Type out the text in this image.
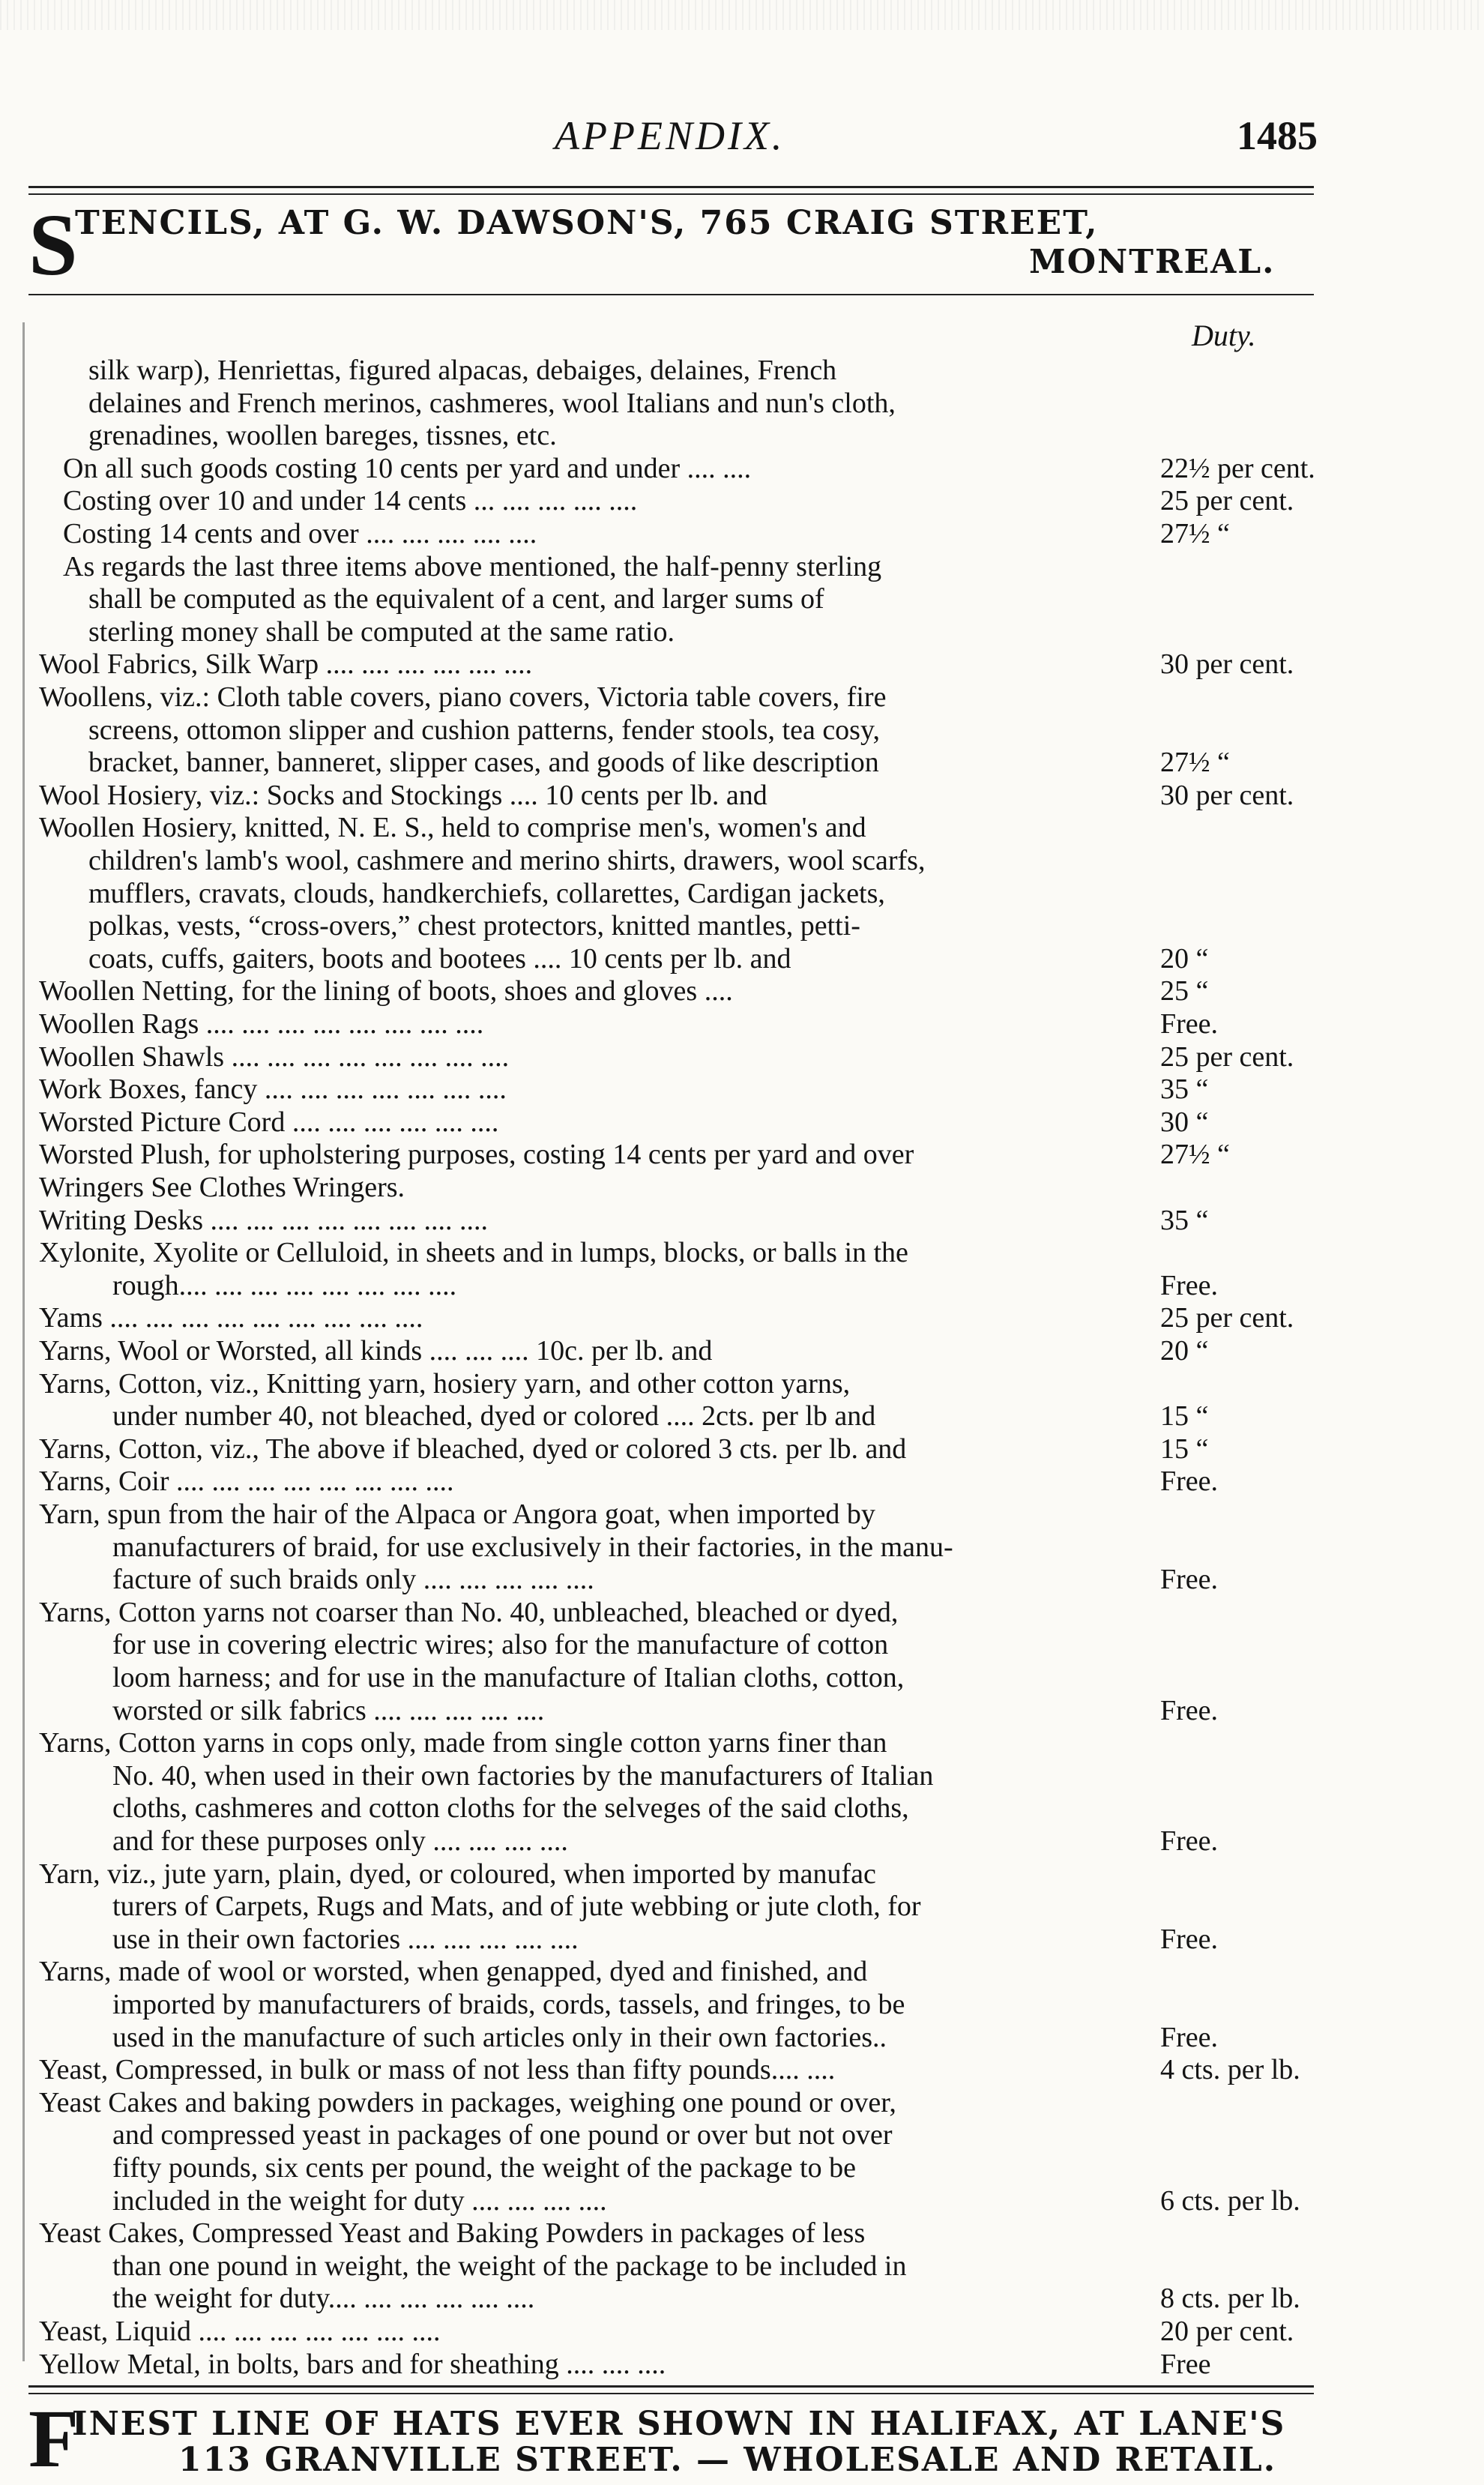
APPENDIX.	1485
S
TENCILS, AT G. W. DAWSON'S, 765 CRAIG STREET,
MONTREAL.
Duty.
silk warp), Henriettas, figured alpacas, debaiges, delaines, French
delaines and French merinos, cashmeres, wool Italians and nun's cloth,
grenadines, woollen bareges, tissnes, etc.
On all such goods costing 10 cents per yard and under .... ....	22½ per cent.
Costing over 10 and under 14 cents ... .... .... .... ....	25 per cent.
Costing 14 cents and over .... .... .... .... ....	27½ “
As regards the last three items above mentioned, the half-penny sterling
shall be computed as the equivalent of a cent, and larger sums of
sterling money shall be computed at the same ratio.
Wool Fabrics, Silk Warp .... .... .... .... .... ....	30 per cent.
Woollens, viz.: Cloth table covers, piano covers, Victoria table covers, fire
screens, ottomon slipper and cushion patterns, fender stools, tea cosy,
bracket, banner, banneret, slipper cases, and goods of like description	27½ “
Wool Hosiery, viz.: Socks and Stockings .... 10 cents per lb. and	30 per cent.
Woollen Hosiery, knitted, N. E. S., held to comprise men's, women's and
children's lamb's wool, cashmere and merino shirts, drawers, wool scarfs,
mufflers, cravats, clouds, handkerchiefs, collarettes, Cardigan jackets,
polkas, vests, “cross-overs,” chest protectors, knitted mantles, petti-
coats, cuffs, gaiters, boots and bootees .... 10 cents per lb. and	20 “
Woollen Netting, for the lining of boots, shoes and gloves ....	25 “
Woollen Rags .... .... .... .... .... .... .... ....	Free.
Woollen Shawls .... .... .... .... .... .... .... ....	25 per cent.
Work Boxes, fancy .... .... .... .... .... .... ....	35 “
Worsted Picture Cord .... .... .... .... .... ....	30 “
Worsted Plush, for upholstering purposes, costing 14 cents per yard and over	27½ “
Wringers See Clothes Wringers.
Writing Desks .... .... .... .... .... .... .... ....	35 “
Xylonite, Xyolite or Celluloid, in sheets and in lumps, blocks, or balls in the
rough.... .... .... .... .... .... .... ....	Free.
Yams .... .... .... .... .... .... .... .... ....	25 per cent.
Yarns, Wool or Worsted, all kinds .... .... .... 10c. per lb. and	20 “
Yarns, Cotton, viz., Knitting yarn, hosiery yarn, and other cotton yarns,
under number 40, not bleached, dyed or colored .... 2cts. per lb and	15 “
Yarns, Cotton, viz., The above if bleached, dyed or colored 3 cts. per lb. and	15 “
Yarns, Coir .... .... .... .... .... .... .... ....	Free.
Yarn, spun from the hair of the Alpaca or Angora goat, when imported by
manufacturers of braid, for use exclusively in their factories, in the manu-
facture of such braids only .... .... .... .... ....	Free.
Yarns, Cotton yarns not coarser than No. 40, unbleached, bleached or dyed,
for use in covering electric wires; also for the manufacture of cotton
loom harness; and for use in the manufacture of Italian cloths, cotton,
worsted or silk fabrics .... .... .... .... ....	Free.
Yarns, Cotton yarns in cops only, made from single cotton yarns finer than
No. 40, when used in their own factories by the manufacturers of Italian
cloths, cashmeres and cotton cloths for the selveges of the said cloths,
and for these purposes only .... .... .... ....	Free.
Yarn, viz., jute yarn, plain, dyed, or coloured, when imported by manufac
turers of Carpets, Rugs and Mats, and of jute webbing or jute cloth, for
use in their own factories .... .... .... .... ....	Free.
Yarns, made of wool or worsted, when genapped, dyed and finished, and
imported by manufacturers of braids, cords, tassels, and fringes, to be
used in the manufacture of such articles only in their own factories..	Free.
Yeast, Compressed, in bulk or mass of not less than fifty pounds.... ....	4 cts. per lb.
Yeast Cakes and baking powders in packages, weighing one pound or over,
and compressed yeast in packages of one pound or over but not over
fifty pounds, six cents per pound, the weight of the package to be
included in the weight for duty .... .... .... ....	6 cts. per lb.
Yeast Cakes, Compressed Yeast and Baking Powders in packages of less
than one pound in weight, the weight of the package to be included in
the weight for duty.... .... .... .... .... ....	8 cts. per lb.
Yeast, Liquid .... .... .... .... .... .... ....	20 per cent.
Yellow Metal, in bolts, bars and for sheathing .... .... ....	Free
F
INEST LINE OF HATS EVER SHOWN IN HALIFAX, AT LANE'S
113 GRANVILLE STREET. — WHOLESALE AND RETAIL.
